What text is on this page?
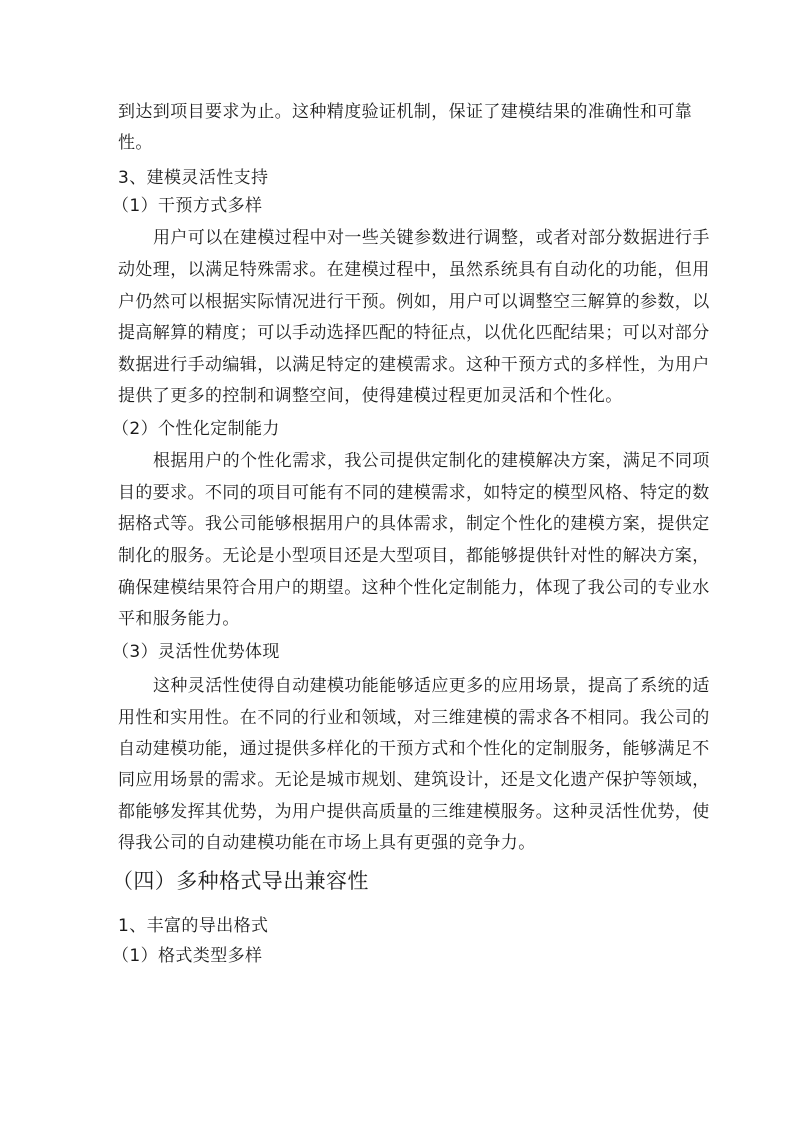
到达到项目要求为止。这种精度验证机制，保证了建模结果的准确性和可靠
性。
3、建模灵活性支持
（1）干预方式多样
用户可以在建模过程中对一些关键参数进行调整，或者对部分数据进行手
动处理，以满足特殊需求。在建模过程中，虽然系统具有自动化的功能，但用
户仍然可以根据实际情况进行干预。例如，用户可以调整空三解算的参数，以
提高解算的精度；可以手动选择匹配的特征点，以优化匹配结果；可以对部分
数据进行手动编辑，以满足特定的建模需求。这种干预方式的多样性，为用户
提供了更多的控制和调整空间，使得建模过程更加灵活和个性化。
（2）个性化定制能力
根据用户的个性化需求，我公司提供定制化的建模解决方案，满足不同项
目的要求。不同的项目可能有不同的建模需求，如特定的模型风格、特定的数
据格式等。我公司能够根据用户的具体需求，制定个性化的建模方案，提供定
制化的服务。无论是小型项目还是大型项目，都能够提供针对性的解决方案，
确保建模结果符合用户的期望。这种个性化定制能力，体现了我公司的专业水
平和服务能力。
（3）灵活性优势体现
这种灵活性使得自动建模功能能够适应更多的应用场景，提高了系统的适
用性和实用性。在不同的行业和领域，对三维建模的需求各不相同。我公司的
自动建模功能，通过提供多样化的干预方式和个性化的定制服务，能够满足不
同应用场景的需求。无论是城市规划、建筑设计，还是文化遗产保护等领域，
都能够发挥其优势，为用户提供高质量的三维建模服务。这种灵活性优势，使
得我公司的自动建模功能在市场上具有更强的竞争力。
（四）多种格式导出兼容性
1、丰富的导出格式
（1）格式类型多样
